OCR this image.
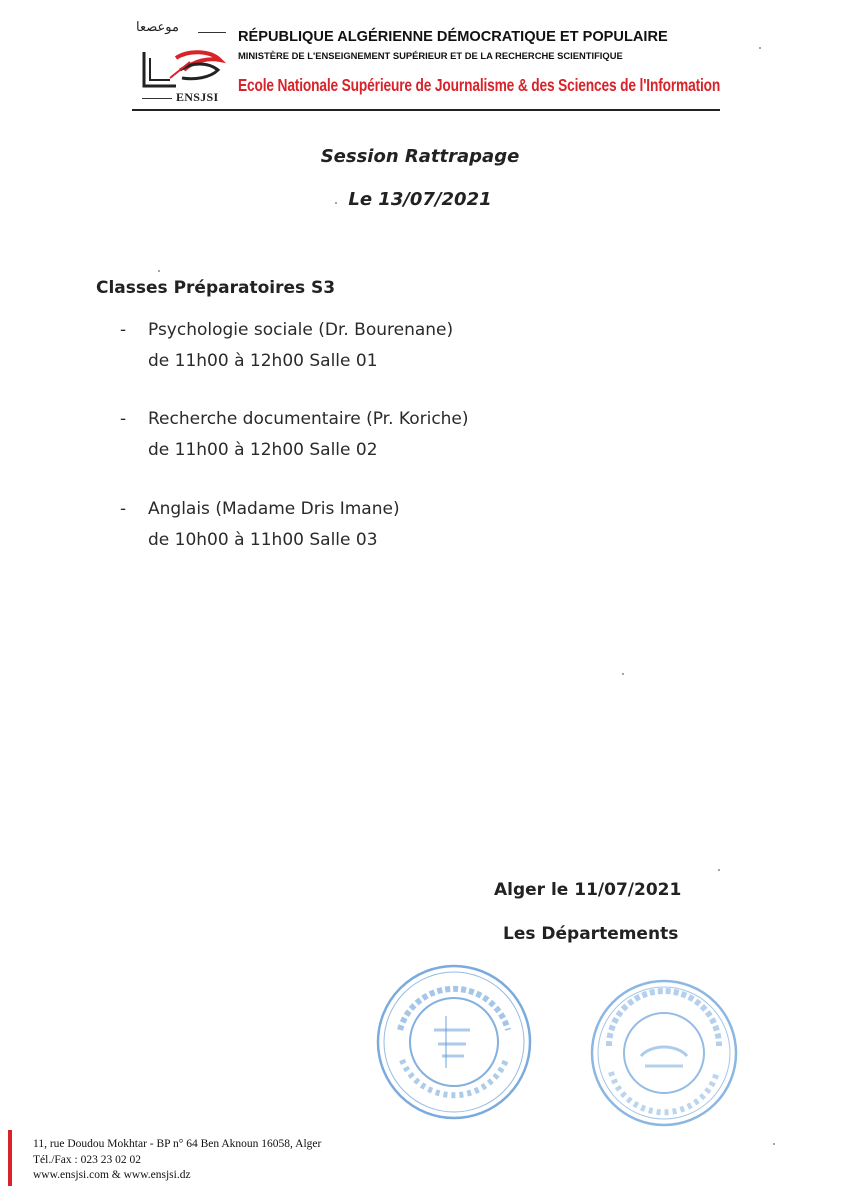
موعصعا
ENSJSI
RÉPUBLIQUE ALGÉRIENNE DÉMOCRATIQUE ET POPULAIRE
MINISTÈRE DE L'ENSEIGNEMENT SUPÉRIEUR ET DE LA RECHERCHE SCIENTIFIQUE
Ecole Nationale Supérieure de Journalisme & des Sciences de l'Information
Session Rattrapage
Le 13/07/2021
Classes Préparatoires S3
- Psychologie sociale (Dr. Bourenane)
de 11h00 à 12h00 Salle 01
- Recherche documentaire (Pr. Koriche)
de 11h00 à 12h00 Salle 02
- Anglais (Madame Dris Imane)
de 10h00 à 11h00 Salle 03
Alger le 11/07/2021
Les Départements
11, rue Doudou Mokhtar - BP n° 64 Ben Aknoun 16058, Alger
Tél./Fax : 023 23 02 02
www.ensjsi.com & www.ensjsi.dz
